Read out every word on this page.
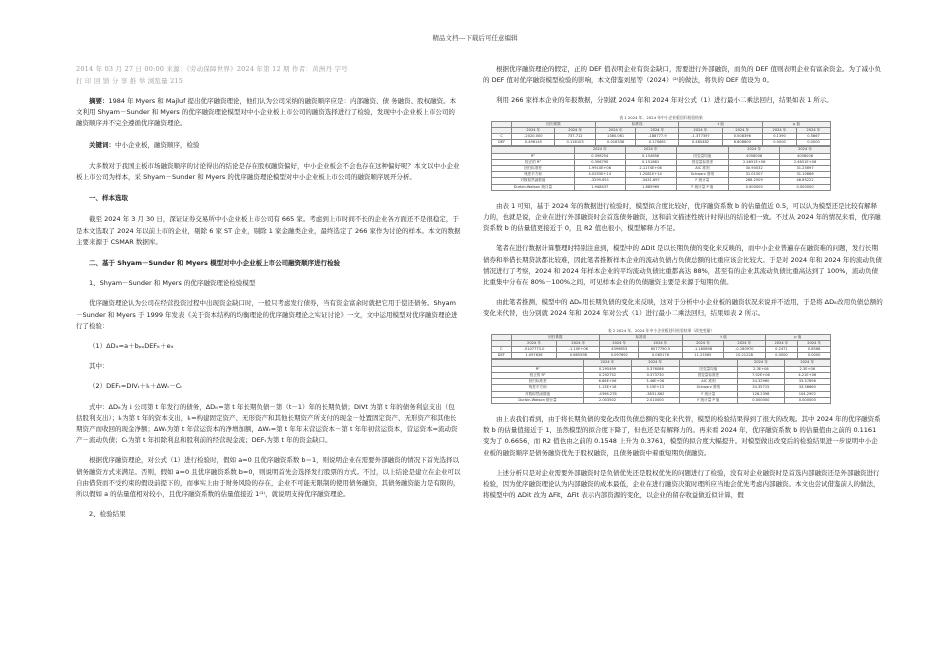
精品文档---下载后可任意编辑

2014 年 03 月 27 日 00:00 来源：《劳动保障世界》2024 年第 12 期 作者：黄洲丹 字号

打 印 回 馈 分 享 推 举 浏览量 215

摘要：1984 年 Myers 和 Majluf 提出优序融资理论，他们认为公司采纳的融资顺序应是：内部融资、债 务融资、股权融资。本文利用 Shyam－Sunder 和 Myers 的优序融资理论模型对中小企业板上市公司的融资选择进行了检验，发现中小企业板上市公司的融资顺序并不完全遵循优序融资理论。

关键词：中小企业板，融资顺序，检验

大多数对于我国主板市场融资顺序的讨论得出的结论是存在股权融资偏好，中小企业板会不会也存在这种偏好呢？本文以中小企业板上市公司为样本，采 Shyam－Sunder 和 Myers 的优序融资理论模型对中小企业板上市公司的融资顺序展开分析。

一、样本选取

截至 2024 年 3 月 30 日，深证证券交易所中小企业板上市公司有 665 家。考虑到上市时间不长的企业各方面还不是很稳定，于是本文选取了 2024 年以前上市的企业，剔除 6 家 ST 企业，剔除 1 家金融类企业，最终选定了 266 家作为讨论的样本。本文的数据主要来源于 CSMAR 数据库。

二、基于 Shyam－Sunder 和 Myers 模型对中小企业板上市公司融资顺序进行检验

1、Shyam－Sunder 和 Myers 的优序融资理论检验模型

优序融资理论认为公司在经营投资过程中出现资金缺口时，一般只考虑发行债券，当有资金富余时就把它用于偿还债务。Shyam－Sunder 和 Myers 于 1999 年发表《关于资本结构的均衡理论的优序融资理论之实证讨论》一文，文中运用模型对优序融资理论进行了检验：

（1）ΔDᵢₜ=a＋bₚₒDEFᵢₜ＋eᵢₜ

其中：

（2）DEFₜ=DIVₜ＋Iₜ＋ΔWₜ－Cₜ

式中：ΔDᵢₜ为ｉ公司第 t 年发行的债务，ΔDᵢₜ=第 t 年长期负债－第（t－1）年的长期负债；DIVt 为第 t 年的债务利息支出（包括股利支出）；Iₜ为第 t 年的资本支出，Iₜ=构建固定资产、无形资产和其他长期资产所支付的现金－处置固定资产、无形资产和其他长期资产而收回的现金净额；ΔWₜ为第 t 年营运资本的净增加额，ΔWₜ=第 t 年年末营运资本－第 t 年年初营运资本，营运资本=流动资产－流动负债；Cₜ为第 t 年扣除利息和股利前的经营现金流；DEFₜ为第 t 年的资金缺口。

根据优序融资理论，对公式（1）进行检验时，假如 a=0 且优序融资系数 b＝1，则说明企业在需要外部融资的情况下首先选择以债务融资方式来满足。否则，假如 a=0 且优序融资系数 b=0，则说明首先会选择发行股票的方式。不过，以上结论是建立在企业可以自由借贷而不受约束的假设前提下的，而事实上由于财务风险的存在，企业不可能无限制的使用债务融资，其债务融资能力是有限的，所以假如 a 的估量值相对较小，且优序融资系数的估量值接近 1⁽¹⁾，就说明支持优序融资理论。

2、检验结果

根据优序融资理论的假定，正的 DEF 值表明企业有资金缺口，需要进行外部融资，而负的 DEF 值则表明企业有富余资金。为了减小负的 DEF 值对优序融资模型检验的影响，本文借鉴刘星等（2024）⁽²⁾的做法，将负的 DEF 值设为 0。

利用 266 家样本企业的年报数据，分别就 2024 年和 2024 年对公式（1）进行最小二乘法回归，结果如表 1 所示。

表 1 2024 年、2024 年中小企业板回归检验结果

	回归系数		标准误		t 值		p 值	
	2024 年	2024 年	2024 年	2024 年	2024 年	2024 年	2024 年	2024 年
C	-2020.000	737.712	1380.061	-188777.9	-1.377397	0.508396	0.1390	0.5867
DEF	0.496145	0.116103	0.016336	0.170681	0.485482	6.808600	0.0000	0.0000
	2024 年	2024 年		2024 年	2024 年
R²	0.398254	0.154858	因变量均值	4058008	4058008
校正的 R²	0.396790	0.151861	因变量标准差	2.4651E+06	2.4651E+06
回归标准差	1.9910E+06	2.1174E+06	AIC 准则	30.90032	31.25897
残差平方和	4.0255E+14	1.2081E+14	Schwarz 准则	31.01507	31.10666
对数似然函数值	-3299.651	-3431.697	F 统计量	288.2509	46.85222
Durbin-Watson 统计量	1.948437	1.885969	F 统计量 P 值	0.000000	0.000000

由表 1 可知，基于 2024 年的数据进行检验时，模型拟合度比较好，优序融资系数 b 的估量值近 0.5，可以认为模型还是比较有解释力的，也就是说，企业在进行外部融资时会首选债务融资，这和前文描述性统计时得出的结论相一致。不过从 2024 年的情况来看，优序融资系数 b 的估量值更接近于 0，且 R2 值也很小，模型解释力不足。

笔者在进行数据计算整理时特别注意到，模型中的 ΔDit 是以长期负债的变化来反映的，而中小企业普遍存在融资难的问题，发行长期债券和举借长期贷款都比较难，因此笔者推断样本企业的流动负债占负债总额的比重应该会比较大。于是对 2024 年和 2024 年的流动负债情况进行了考察，2024 和 2024 年样本企业的平均流动负债比重都高达 88%，甚至有的企业其流动负债比重高达到了 100%，流动负债比重集中分布在 80%－100%之间，可见样本企业的负债融资主要是来源于短期负债。

由此笔者推测，模型中的 ΔDᵢₜ用长期负债的变化来反映，这对于分析中小企业板的融资状况来说并不适用，于是将 ΔDᵢₜ改用负债总额的变化来代替，也分别就 2024 年和 2024 年对公式（1）进行最小二乘法回归，结果如表 2 所示。

表 2 2024 年、2024 年中小企业板回归检验结果（改变变量）

	回归系数		标准误		t 值		p 值	
	2024 年	2024 年	2024 年	2024 年	2024 年	2024 年	2024 年	2024 年
C	-5107773.0	-1.10E+06	4399853	6077790.5	-1.160898	-0.180970	0.2471	0.8566
DEF	1.097636	0.665598	0.097692	0.065176	11.23565	10.21228	0.0000	0.0000
	2024 年	2024 年		2024 年	2024 年
R²	0.295499	0.376086	因变量均值	2.3E+06	2.3E+06
校正的 R²	0.292752	0.373730	因变量标准差	7.92E+06	4.21E+06
回归标准差	6.66E+06	3.46E+06	AIC 准则	34.32960	33.37896
残差平方和	1.13E+16	3.15E+15	Schwarz 准则	34.35715	33.36660
对数似然函数值	-4396.278	-3831.862	F 统计量	126.2398	104.2902
Durbin-Watson 统计量	2.003502	2.010000	F 统计量 P 值	0.000000	0.000000

由上表我们看到，由于将长期负债的变化改用负债总额的变化来代替，模型的检验结果得到了很大的改观。其中 2024 年的优序融资系数 b 的估量值接近于 1，虽然模型的拟合度下降了，但也还是有解释力的。再来看 2024 年，优序融资系数 b 的估量值由之前的 0.1161 变为了 0.6656，而 R2 值也由之前的 0.1548 上升为 0.3761，模型的拟合度大幅提升。对模型做出改变后的检验结果进一步说明中小企业板的融资顺序是债务融资优先于股权融资，且债务融资中着重短期负债融资。

上述分析只是对企业需要外部融资时是负债优先还是股权优先的问题进行了检验，没有对企业融资时是首选内部融资还是外部融资进行检验，因为优序融资理论认为内部融资的成本最低，企业在进行融资决策时理所应当地会优先考虑内部融资。本文也尝试借鉴前人的做法，将模型中的 ΔDit 改为 ΔFit，ΔFit 表示内部资源的变化，以企业的留存收益做近似计算，假
